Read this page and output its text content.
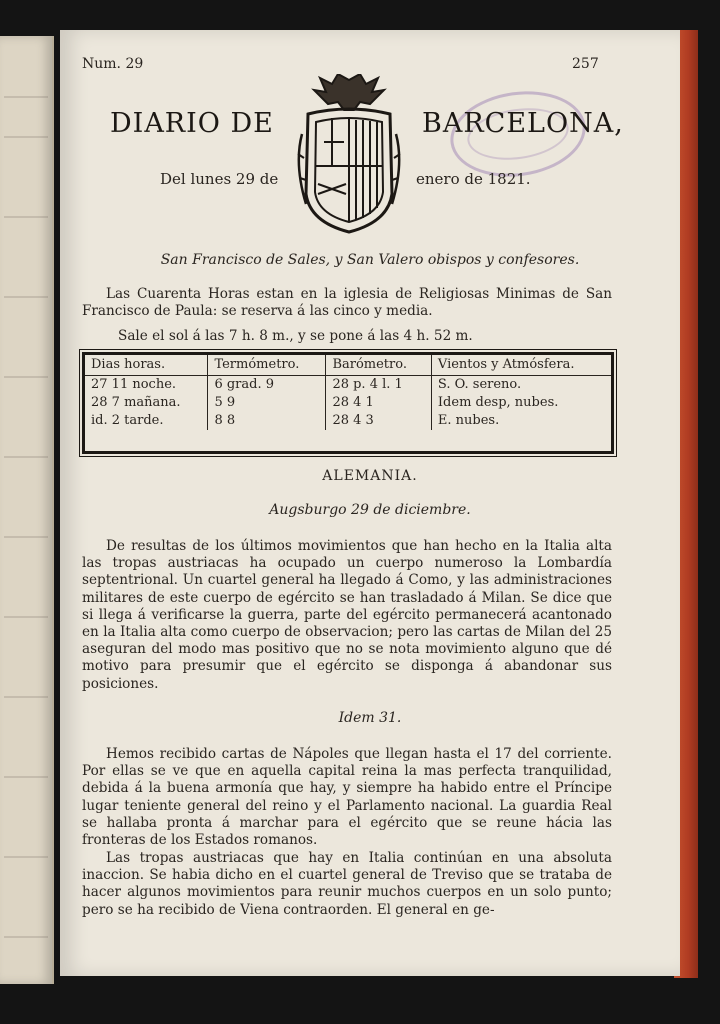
Num. 29	257
DIARIO DE	BARCELONA,
Del lunes 29 de	enero de 1821.
San Francisco de Sales, y San Valero obispos y confesores.
Las Cuarenta Horas estan en la iglesia de Religiosas Minimas de San Francisco de Paula: se reserva á las cinco y media.
Sale el sol á las 7 h. 8 m., y se pone á las 4 h. 52 m.
Dias horas.	Termómetro.	Barómetro.	Vientos y Atmósfera.
27 11 noche.	6 grad. 9	28 p. 4 l. 1	S. O. sereno.
28 7 mañana.	5 9	28 4 1	Idem desp, nubes.
id. 2 tarde.	8 8	28 4 3	E. nubes.
ALEMANIA.
Augsburgo 29 de diciembre.
De resultas de los últimos movimientos que han hecho en la Italia alta las tropas austriacas ha ocupado un cuerpo numeroso la Lombardía septentrional. Un cuartel general ha llegado á Como, y las administraciones militares de este cuerpo de egército se han trasladado á Milan. Se dice que si llega á verificarse la guerra, parte del egército permanecerá acantonado en la Italia alta como cuerpo de observacion; pero las cartas de Milan del 25 aseguran del modo mas positivo que no se nota movimiento alguno que dé motivo para presumir que el egército se disponga á abandonar sus posiciones.
Idem 31.
Hemos recibido cartas de Nápoles que llegan hasta el 17 del corriente. Por ellas se ve que en aquella capital reina la mas perfecta tranquilidad, debida á la buena armonía que hay, y siempre ha habido entre el Príncipe lugar teniente general del reino y el Parlamento nacional. La guardia Real se hallaba pronta á marchar para el egército que se reune hácia las fronteras de los Estados romanos.
Las tropas austriacas que hay en Italia continúan en una absoluta inaccion. Se habia dicho en el cuartel general de Treviso que se trataba de hacer algunos movimientos para reunir muchos cuerpos en un solo punto; pero se ha recibido de Viena contraorden. El general en ge-
